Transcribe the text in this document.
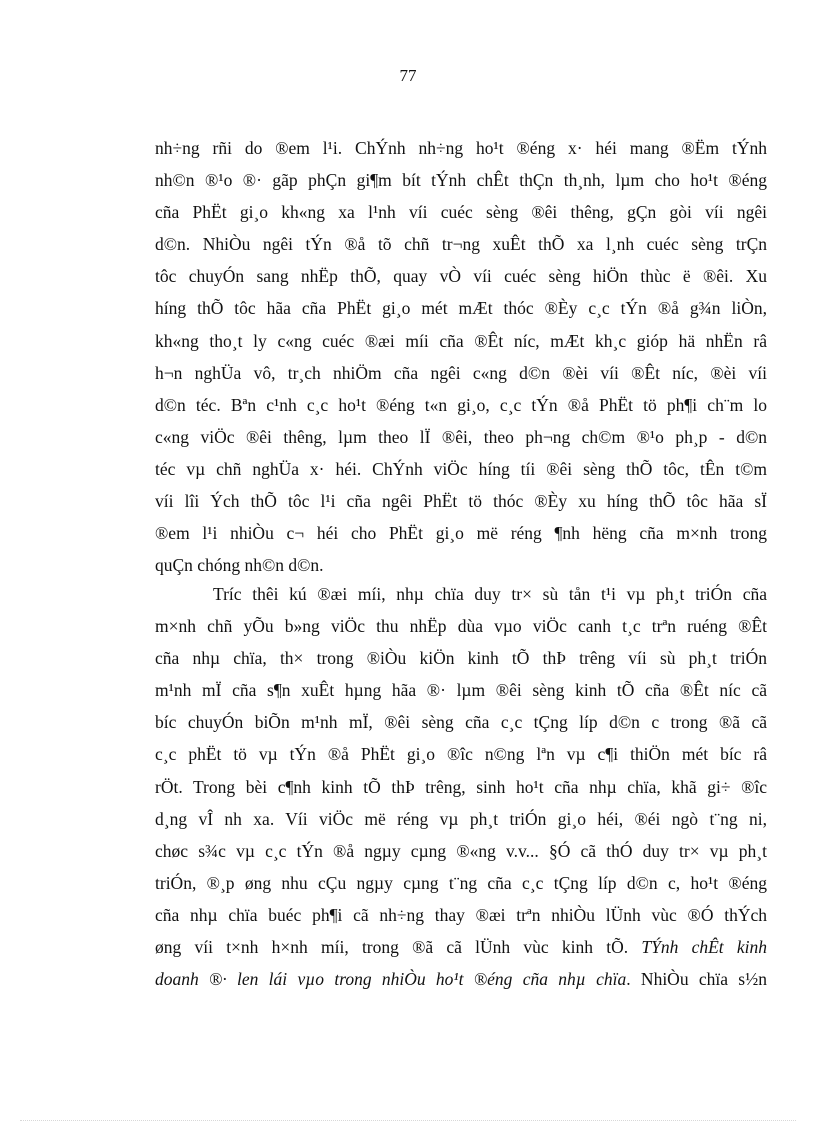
77
nh÷ng rñi do ®em l¹i. ChÝnh nh÷ng ho¹t ®éng x· héi mang ®Ëm tÝnh
nh©n ®¹o ®· gãp phÇn gi¶m bít tÝnh chÊt thÇn th¸nh, lµm cho ho¹t ®éng
cña PhËt gi¸o kh«ng xa l¹nh víi cuéc sèng ®êi thêng, gÇn gòi víi ngêi
d©n. NhiÒu ngêi tÝn ®å tõ chñ tr¬ng xuÊt thÕ xa l¸nh cuéc sèng trÇn
tôc chuyÓn sang nhËp thÕ, quay vÒ víi cuéc sèng hiÖn thùc ë ®êi. Xu
híng thÕ tôc hãa cña PhËt gi¸o mét mÆt thóc ®Èy c¸c tÝn ®å g¾n liÒn,
kh«ng tho¸t ly c«ng cuéc ®æi míi cña ®Êt níc, mÆt kh¸c gióp hä nhËn râ
h¬n nghÜa vô, tr¸ch nhiÖm cña ngêi c«ng d©n ®èi víi ®Êt níc, ®èi víi
d©n téc. Bªn c¹nh c¸c ho¹t ®éng t«n gi¸o, c¸c tÝn ®å PhËt tö ph¶i ch¨m lo
c«ng viÖc ®êi thêng, lµm theo lÏ ®êi, theo ph¬ng ch©m ®¹o ph¸p - d©n
téc vµ chñ nghÜa x· héi. ChÝnh viÖc híng tíi ®êi sèng thÕ tôc, tÊn t©m
víi lîi Ých thÕ tôc l¹i cña ngêi PhËt tö thóc ®Èy xu híng thÕ tôc hãa sÏ
®em l¹i nhiÒu c¬ héi cho PhËt gi¸o më réng ¶nh hëng cña m×nh trong
quÇn chóng nh©n d©n.
Tríc thêi kú ®æi míi, nhµ chïa duy tr× sù tån t¹i vµ ph¸t triÓn cña
m×nh chñ yÕu b»ng viÖc thu nhËp dùa vµo viÖc canh t¸c trªn ruéng ®Êt
cña nhµ chïa, th× trong ®iÒu kiÖn kinh tÕ thÞ trêng víi sù ph¸t triÓn
m¹nh mÏ cña s¶n xuÊt hµng hãa ®· lµm ®êi sèng kinh tÕ cña ®Êt níc cã
bíc chuyÓn biÕn m¹nh mÏ, ®êi sèng cña c¸c tÇng líp d©n c trong ®ã cã
c¸c phËt tö vµ tÝn ®å PhËt gi¸o ®îc n©ng lªn vµ c¶i thiÖn mét bíc râ
rÖt. Trong bèi c¶nh kinh tÕ thÞ trêng, sinh ho¹t cña nhµ chïa, khã gi÷ ®îc
d¸ng vÎ nh xa. Víi viÖc më réng vµ ph¸t triÓn gi¸o héi, ®éi ngò t¨ng ni,
chøc s¾c vµ c¸c tÝn ®å ngµy cµng ®«ng v.v... §Ó cã thÓ duy tr× vµ ph¸t
triÓn, ®¸p øng nhu cÇu ngµy cµng t¨ng cña c¸c tÇng líp d©n c, ho¹t ®éng
cña nhµ chïa buéc ph¶i cã nh÷ng thay ®æi trªn nhiÒu lÜnh vùc ®Ó thÝch
øng víi t×nh h×nh míi, trong ®ã cã lÜnh vùc kinh tÕ. TÝnh chÊt kinh
doanh ®· len lái vµo trong nhiÒu ho¹t ®éng cña nhµ chïa. NhiÒu chïa s½n
